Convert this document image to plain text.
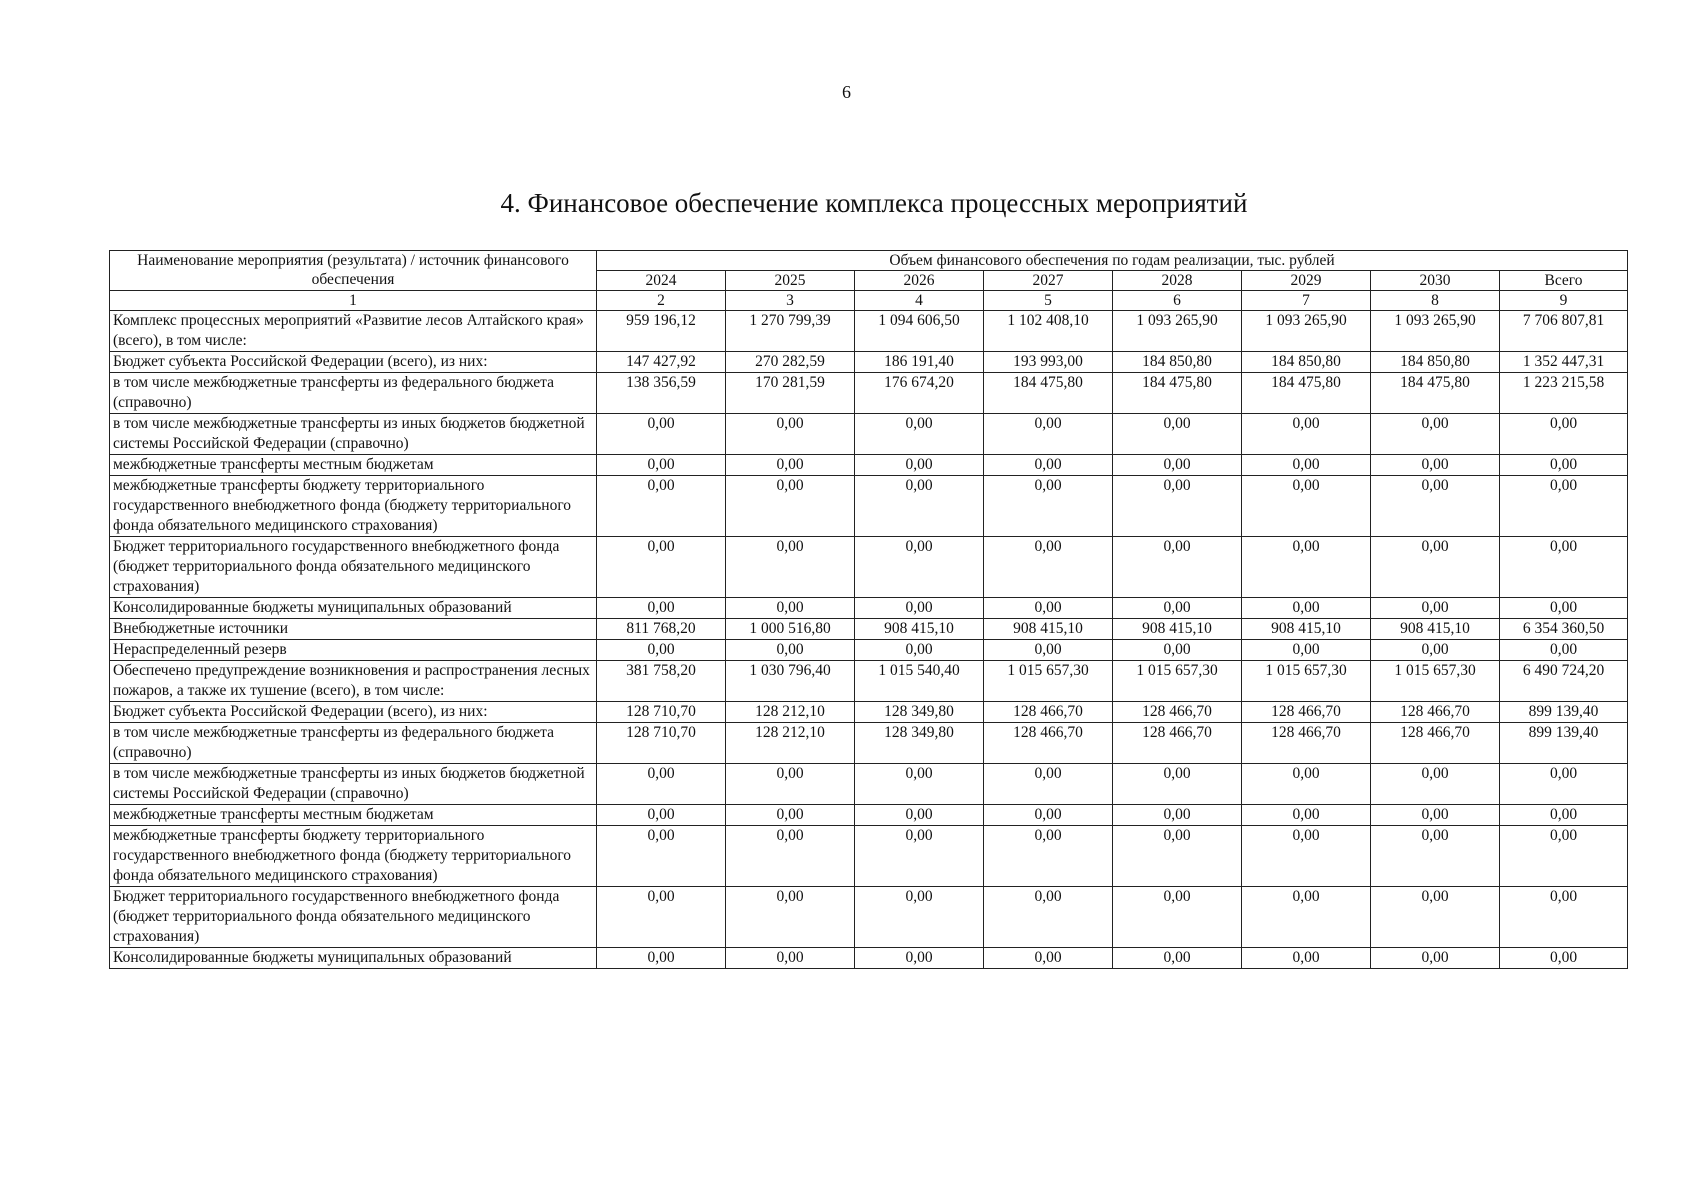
6
4. Финансовое обеспечение комплекса процессных мероприятий
Наименование мероприятия (результата) / источник финансового обеспечения	Объем финансового обеспечения по годам реализации, тыс. рублей							
	2024	2025	2026	2027	2028	2029	2030	Всего
1	2	3	4	5	6	7	8	9
Комплекс процессных мероприятий «Развитие лесов Алтайского края» (всего), в том числе:	959 196,12	1 270 799,39	1 094 606,50	1 102 408,10	1 093 265,90	1 093 265,90	1 093 265,90	7 706 807,81
Бюджет субъекта Российской Федерации (всего), из них:	147 427,92	270 282,59	186 191,40	193 993,00	184 850,80	184 850,80	184 850,80	1 352 447,31
в том числе межбюджетные трансферты из федерального бюджета (справочно)	138 356,59	170 281,59	176 674,20	184 475,80	184 475,80	184 475,80	184 475,80	1 223 215,58
в том числе межбюджетные трансферты из иных бюджетов бюджетной системы Российской Федерации (справочно)	0,00	0,00	0,00	0,00	0,00	0,00	0,00	0,00
межбюджетные трансферты местным бюджетам	0,00	0,00	0,00	0,00	0,00	0,00	0,00	0,00
межбюджетные трансферты бюджету территориального государственного внебюджетного фонда (бюджету территориального фонда обязательного медицинского страхования)	0,00	0,00	0,00	0,00	0,00	0,00	0,00	0,00
Бюджет территориального государственного внебюджетного фонда (бюджет территориального фонда обязательного медицинского страхования)	0,00	0,00	0,00	0,00	0,00	0,00	0,00	0,00
Консолидированные бюджеты муниципальных образований	0,00	0,00	0,00	0,00	0,00	0,00	0,00	0,00
Внебюджетные источники	811 768,20	1 000 516,80	908 415,10	908 415,10	908 415,10	908 415,10	908 415,10	6 354 360,50
Нераспределенный резерв	0,00	0,00	0,00	0,00	0,00	0,00	0,00	0,00
Обеспечено предупреждение возникновения и распространения лесных пожаров, а также их тушение (всего), в том числе:	381 758,20	1 030 796,40	1 015 540,40	1 015 657,30	1 015 657,30	1 015 657,30	1 015 657,30	6 490 724,20
Бюджет субъекта Российской Федерации (всего), из них:	128 710,70	128 212,10	128 349,80	128 466,70	128 466,70	128 466,70	128 466,70	899 139,40
в том числе межбюджетные трансферты из федерального бюджета (справочно)	128 710,70	128 212,10	128 349,80	128 466,70	128 466,70	128 466,70	128 466,70	899 139,40
в том числе межбюджетные трансферты из иных бюджетов бюджетной системы Российской Федерации (справочно)	0,00	0,00	0,00	0,00	0,00	0,00	0,00	0,00
межбюджетные трансферты местным бюджетам	0,00	0,00	0,00	0,00	0,00	0,00	0,00	0,00
межбюджетные трансферты бюджету территориального государственного внебюджетного фонда (бюджету территориального фонда обязательного медицинского страхования)	0,00	0,00	0,00	0,00	0,00	0,00	0,00	0,00
Бюджет территориального государственного внебюджетного фонда (бюджет территориального фонда обязательного медицинского страхования)	0,00	0,00	0,00	0,00	0,00	0,00	0,00	0,00
Консолидированные бюджеты муниципальных образований	0,00	0,00	0,00	0,00	0,00	0,00	0,00	0,00
